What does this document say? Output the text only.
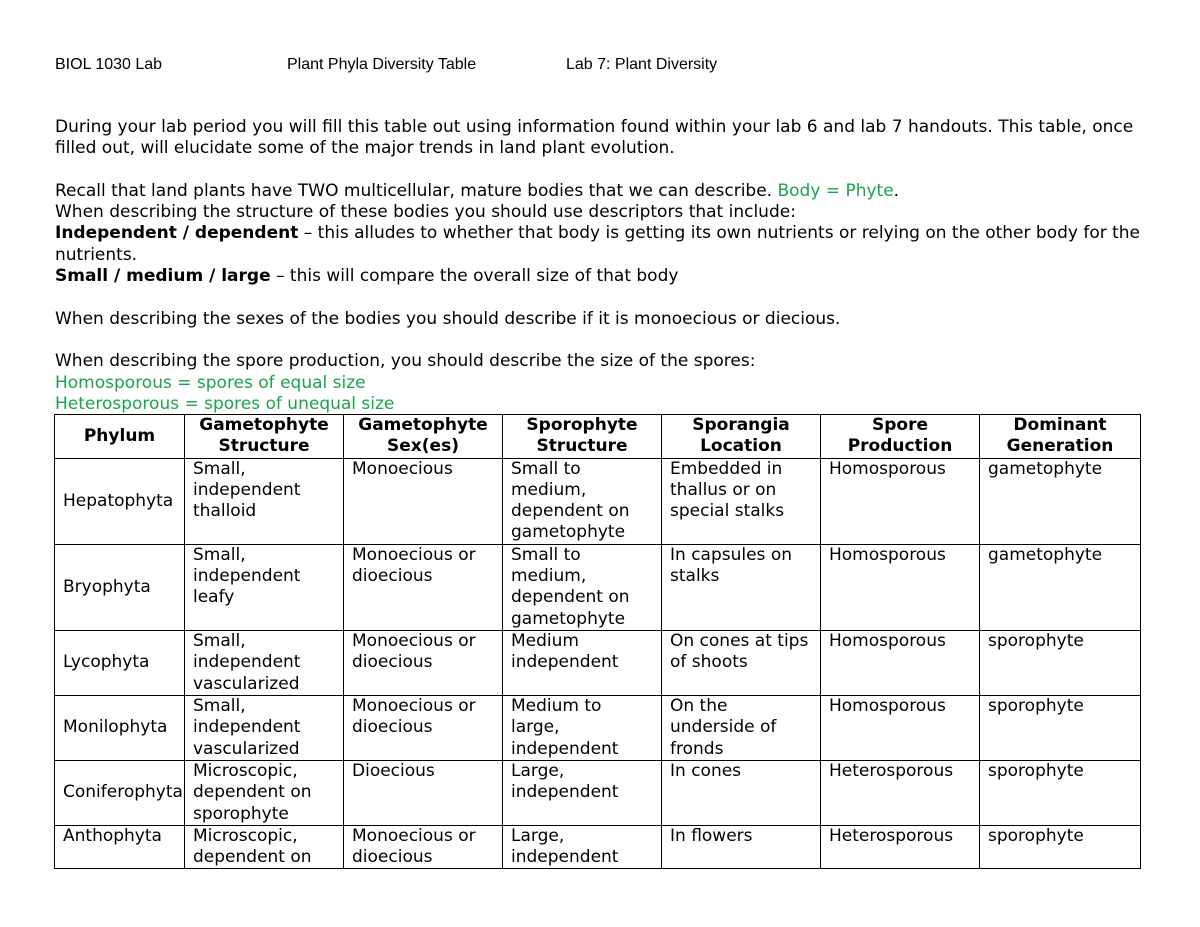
BIOL 1030 Lab	Plant Phyla Diversity Table	Lab 7: Plant Diversity

During your lab period you will fill this table out using information found within your lab 6 and lab 7 handouts. This table, once filled out, will elucidate some of the major trends in land plant evolution.

Recall that land plants have TWO multicellular, mature bodies that we can describe. Body = Phyte.

When describing the structure of these bodies you should use descriptors that include:

Independent / dependent – this alludes to whether that body is getting its own nutrients or relying on the other body for the nutrients.

Small / medium / large – this will compare the overall size of that body

When describing the sexes of the bodies you should describe if it is monoecious or diecious.

When describing the spore production, you should describe the size of the spores:

Homosporous = spores of equal size

Heterosporous = spores of unequal size

Phylum	Gametophyte Structure	Gametophyte Sex(es)	Sporophyte Structure	Sporangia Location	Spore Production	Dominant Generation
Hepatophyta	Small, independent thalloid	Monoecious	Small to medium, dependent on gametophyte	Embedded in thallus or on special stalks	Homosporous	gametophyte
Bryophyta	Small, independent leafy	Monoecious or dioecious	Small to medium, dependent on gametophyte	In capsules on stalks	Homosporous	gametophyte
Lycophyta	Small, independent vascularized	Monoecious or dioecious	Medium independent	On cones at tips of shoots	Homosporous	sporophyte
Monilophyta	Small, independent vascularized	Monoecious or dioecious	Medium to large, independent	On the underside of fronds	Homosporous	sporophyte
Coniferophyta	Microscopic, dependent on sporophyte	Dioecious	Large, independent	In cones	Heterosporous	sporophyte

Anthophyta	Microscopic, dependent on	Monoecious or dioecious	Large, independent	In flowers	Heterosporous	sporophyte
